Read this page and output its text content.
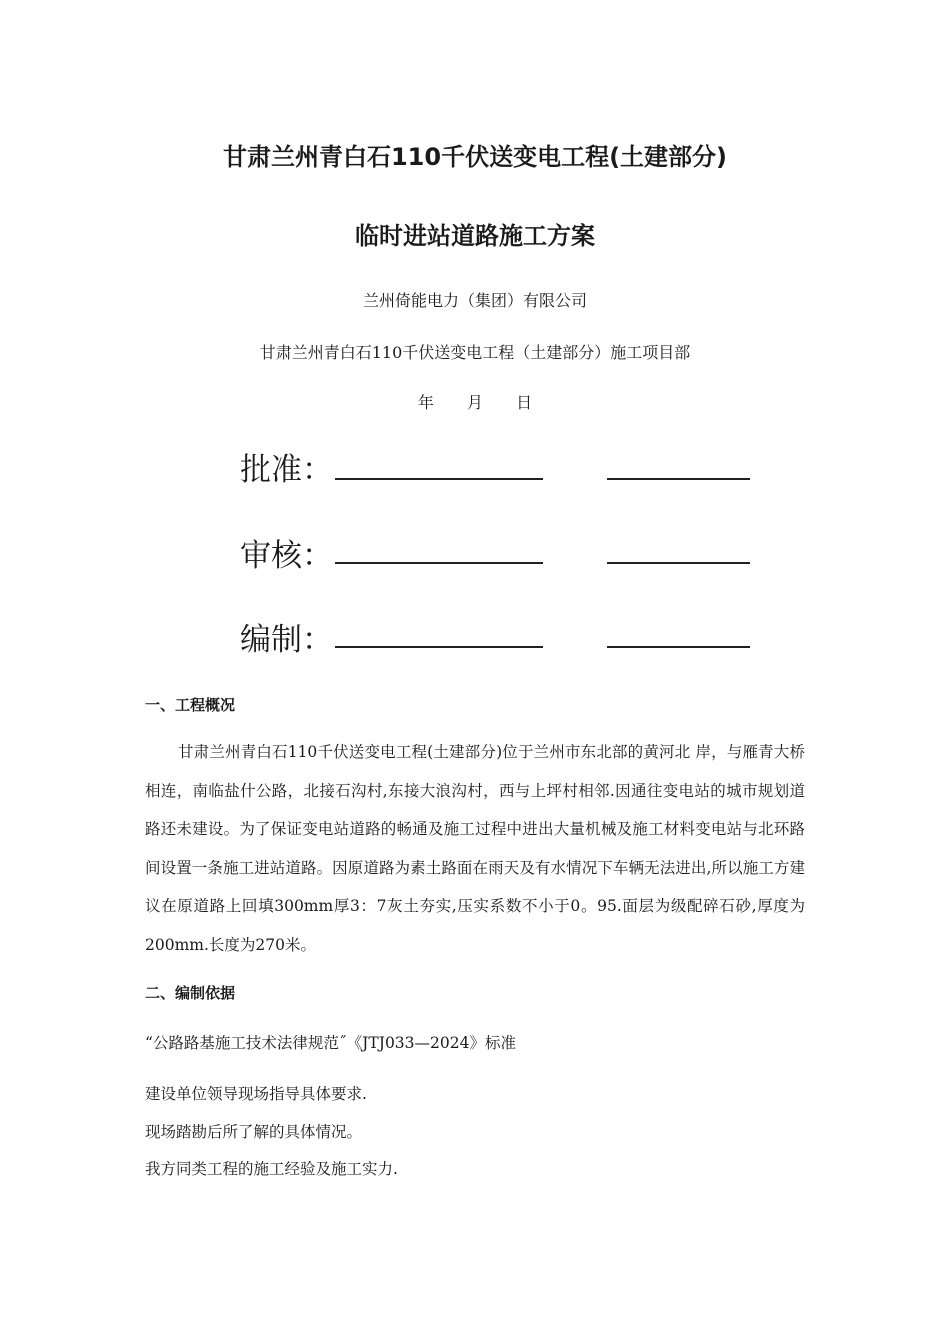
甘肃兰州青白石110千伏送变电工程(土建部分)
临时进站道路施工方案
兰州倚能电力（集团）有限公司
甘肃兰州青白石110千伏送变电工程（土建部分）施工项目部
年 月 日
批准：
审核：
编制：
一、工程概况
甘肃兰州青白石110千伏送变电工程(土建部分)位于兰州市东北部的黄河北 岸，与雁青大桥相连，南临盐什公路，北接石沟村,东接大浪沟村，西与上坪村相邻.因通往变电站的城市规划道路还未建设。为了保证变电站道路的畅通及施工过程中进出大量机械及施工材料变电站与北环路间设置一条施工进站道路。因原道路为素土路面在雨天及有水情况下车辆无法进出,所以施工方建议在原道路上回填300mm厚3：7灰土夯实,压实系数不小于0。95.面层为级配碎石砂,厚度为200mm.长度为270米。
二、编制依据
“公路路基施工技术法律规范˝《JTJ033—2024》标准
建设单位领导现场指导具体要求.
现场踏勘后所了解的具体情况。
我方同类工程的施工经验及施工实力.
